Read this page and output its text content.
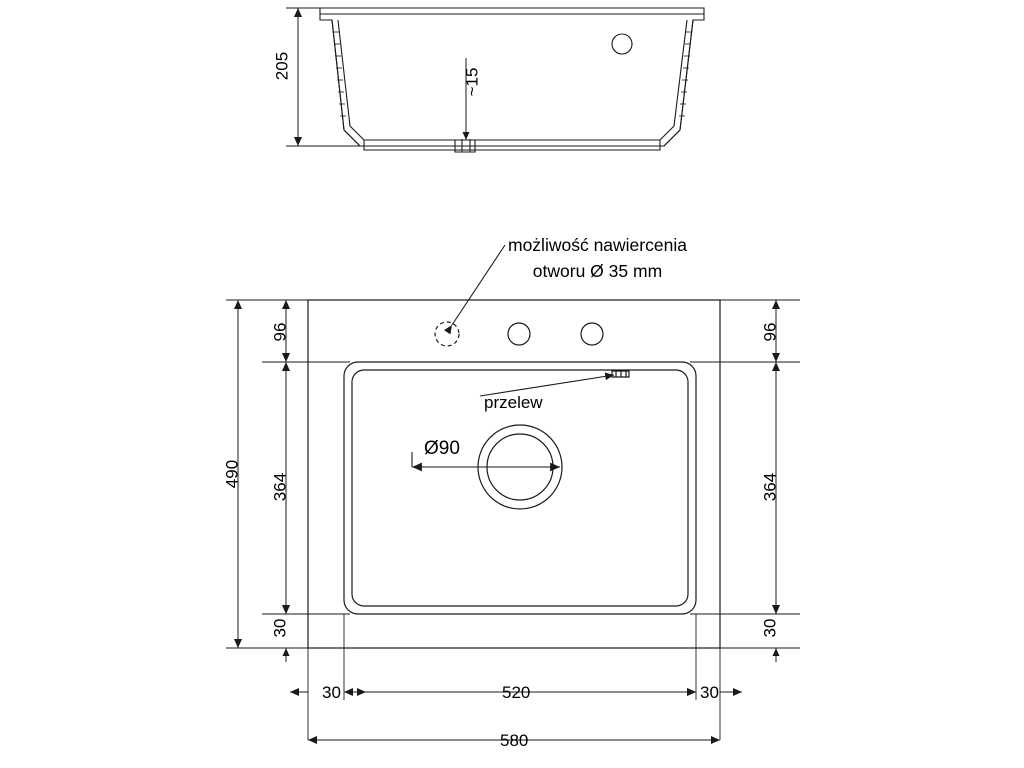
205
~15
możliwość nawiercenia
otworu Ø 35 mm
przelew
Ø90
96
364
30
490
96
364
30
30	520	30
580
